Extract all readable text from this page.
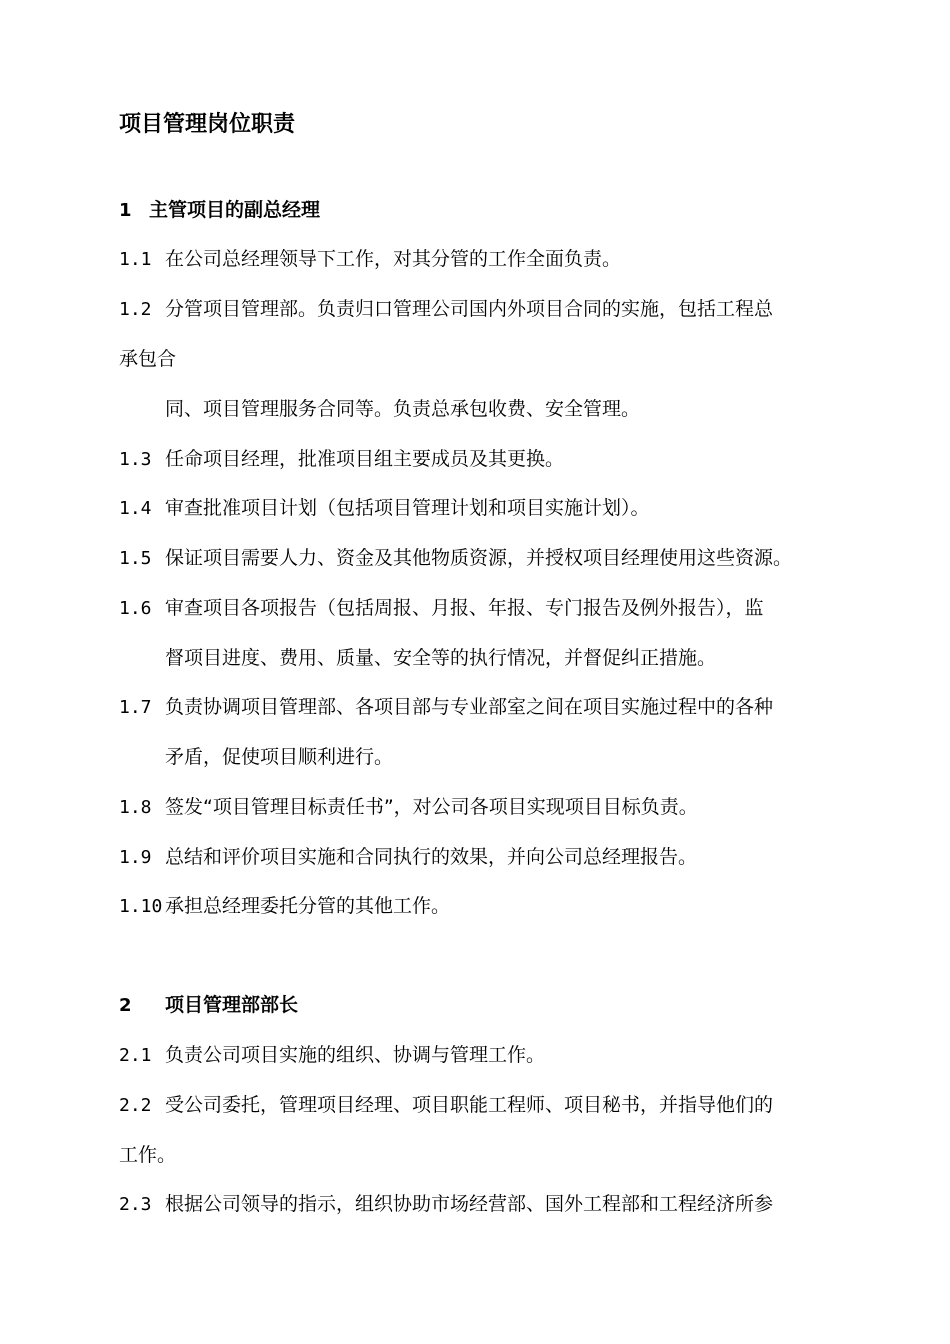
项目管理岗位职责
1 主管项目的副总经理
1.1 在公司总经理领导下工作，对其分管的工作全面负责。
1.2 分管项目管理部。负责归口管理公司国内外项目合同的实施，包括工程总
承包合
同、项目管理服务合同等。负责总承包收费、安全管理。
1.3 任命项目经理，批准项目组主要成员及其更换。
1.4 审查批准项目计划（包括项目管理计划和项目实施计划）。
1.5 保证项目需要人力、资金及其他物质资源，并授权项目经理使用这些资源。
1.6 审查项目各项报告（包括周报、月报、年报、专门报告及例外报告），监
督项目进度、费用、质量、安全等的执行情况，并督促纠正措施。
1.7 负责协调项目管理部、各项目部与专业部室之间在项目实施过程中的各种
矛盾，促使项目顺利进行。
1.8 签发“项目管理目标责任书”，对公司各项目实现项目目标负责。
1.9 总结和评价项目实施和合同执行的效果，并向公司总经理报告。
1.10 承担总经理委托分管的其他工作。
2 项目管理部部长
2.1 负责公司项目实施的组织、协调与管理工作。
2.2 受公司委托，管理项目经理、项目职能工程师、项目秘书，并指导他们的
工作。
2.3 根据公司领导的指示，组织协助市场经营部、国外工程部和工程经济所参
